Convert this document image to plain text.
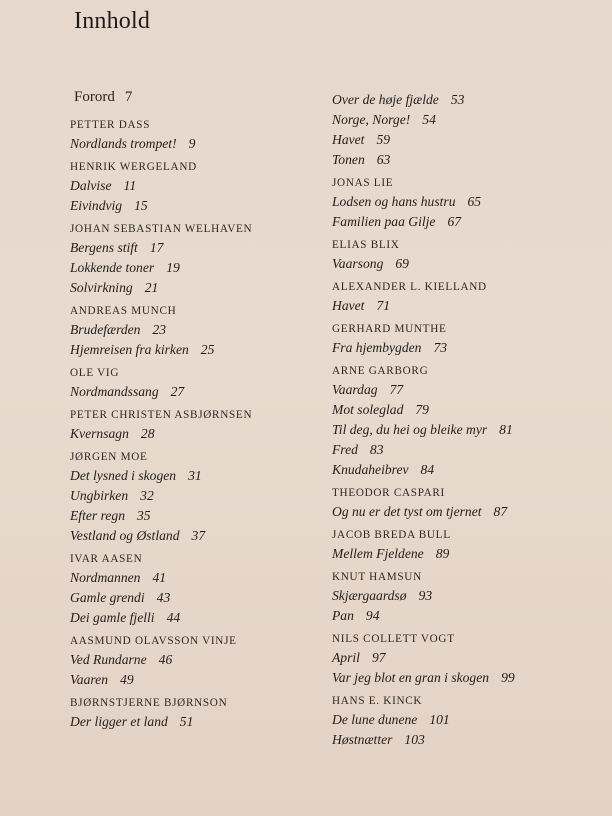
Innhold
Forord 7
PETTER DASS
Nordlands trompet! 9
HENRIK WERGELAND
Dalvise 11
Eivindvig 15
JOHAN SEBASTIAN WELHAVEN
Bergens stift 17
Lokkende toner 19
Solvirkning 21
ANDREAS MUNCH
Brudefærden 23
Hjemreisen fra kirken 25
OLE VIG
Nordmandssang 27
PETER CHRISTEN ASBJØRNSEN
Kvernsagn 28
JØRGEN MOE
Det lysned i skogen 31
Ungbirken 32
Efter regn 35
Vestland og Østland 37
IVAR AASEN
Nordmannen 41
Gamle grendi 43
Dei gamle fjelli 44
AASMUND OLAVSSON VINJE
Ved Rundarne 46
Vaaren 49
BJØRNSTJERNE BJØRNSON
Der ligger et land 51
Over de høje fjælde 53
Norge, Norge! 54
Havet 59
Tonen 63
JONAS LIE
Lodsen og hans hustru 65
Familien paa Gilje 67
ELIAS BLIX
Vaarsong 69
ALEXANDER L. KIELLAND
Havet 71
GERHARD MUNTHE
Fra hjembygden 73
ARNE GARBORG
Vaardag 77
Mot soleglad 79
Til deg, du hei og bleike myr 81
Fred 83
Knudaheibrev 84
THEODOR CASPARI
Og nu er det tyst om tjernet 87
JACOB BREDA BULL
Mellem Fjeldene 89
KNUT HAMSUN
Skjærgaardsø 93
Pan 94
NILS COLLETT VOGT
April 97
Var jeg blot en gran i skogen 99
HANS E. KINCK
De lune dunene 101
Høstnætter 103
